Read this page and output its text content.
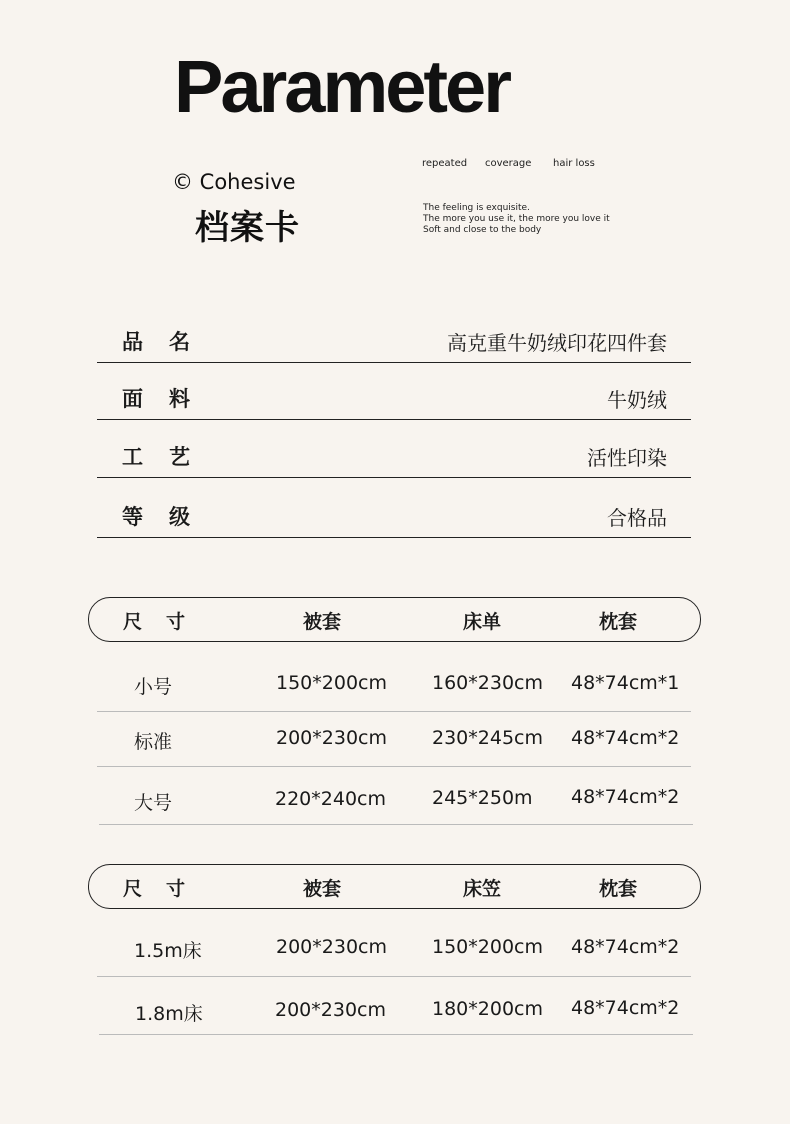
Parameter
© Cohesive
档案卡
repeated coverage hair loss
The feeling is exquisite.
The more you use it, the more you love it
Soft and close to the body
品名	高克重牛奶绒印花四件套
面料	牛奶绒
工艺	活性印染
等级	合格品
尺寸	被套	床单	枕套
小号	150*200cm 160*230cm 48*74cm*1
标准	200*230cm 230*245cm 48*74cm*2
大号	220*240cm 245*250m 48*74cm*2
尺寸	被套	床笠	枕套
1.5m床	200*230cm 150*200cm 48*74cm*2
1.8m床	200*230cm 180*200cm 48*74cm*2
